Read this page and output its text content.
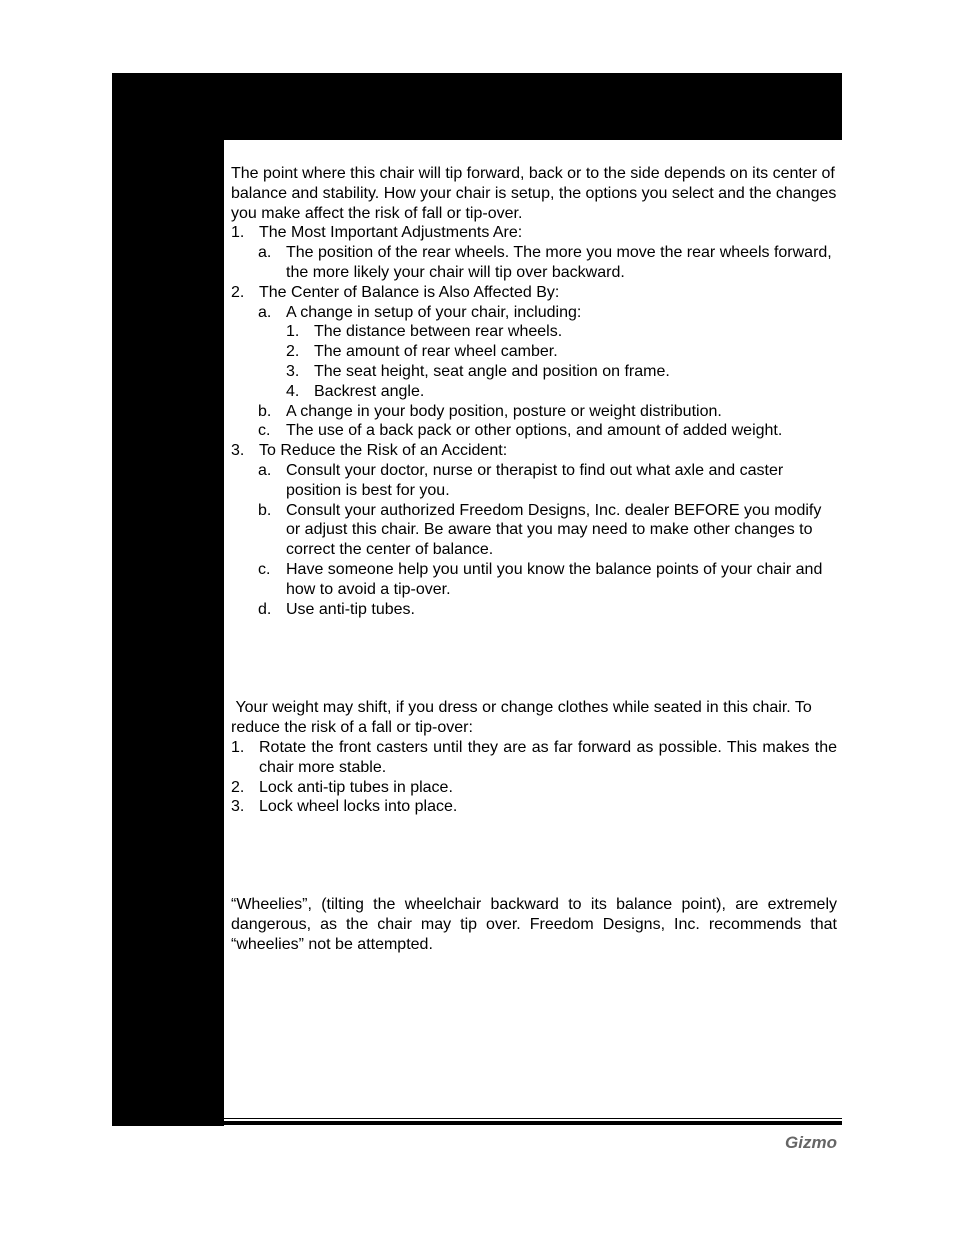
The point where this chair will tip forward, back or to the side depends on its center of balance and stability. How your chair is setup, the options you select and the changes you make affect the risk of fall or tip-over.

1. The Most Important Adjustments Are:
a. The position of the rear wheels. The more you move the rear wheels forward, the more likely your chair will tip over backward.
2. The Center of Balance is Also Affected By:
a. A change in setup of your chair, including:
1. The distance between rear wheels.
2. The amount of rear wheel camber.
3. The seat height, seat angle and position on frame.
4. Backrest angle.
b. A change in your body position, posture or weight distribution.
c. The use of a back pack or other options, and amount of added weight.
3. To Reduce the Risk of an Accident:
a. Consult your doctor, nurse or therapist to find out what axle and caster position is best for you.
b. Consult your authorized Freedom Designs, Inc. dealer BEFORE you modify or adjust this chair. Be aware that you may need to make other changes to correct the center of balance.
c. Have someone help you until you know the balance points of your chair and how to avoid a tip-over.
d. Use anti-tip tubes.

Your weight may shift, if you dress or change clothes while seated in this chair. To reduce the risk of a fall or tip-over:

1. Rotate the front casters until they are as far forward as possible. This makes the chair more stable.
2. Lock anti-tip tubes in place.
3. Lock wheel locks into place.

“Wheelies”, (tilting the wheelchair backward to its balance point), are extremely dangerous, as the chair may tip over. Freedom Designs, Inc. recommends that “wheelies” not be attempted.

Gizmo
